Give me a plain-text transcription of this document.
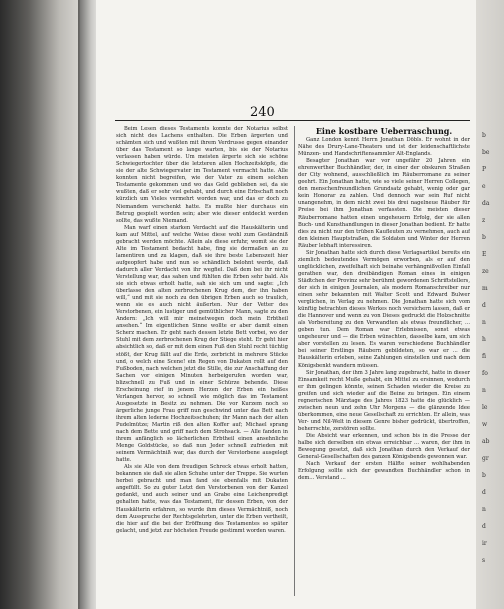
240

Beim Lesen dieses Testaments konnte der Notarius selbst sich nicht des Lachens enthalten. Die Erben ärgerten und schämten sich und wußten mit ihrem Verdrusse gegen einander über das Testament so lange warten, bis sie der Notarius verlassen haben würde. Um meisten ärgerte sich sie schöne Schwiegertochter über die letzteren allen Hochzeitsköpfe, die sie der alte Schwiegervater im Testament vermacht hatte. Alle konnten nicht begreifen, wie der Vater zu einem solchen Testamente gekommen und wo das Geld geblieben sei, da sie wußten, daß er sehr viel gehabt, und durch eine Erbschaft noch kürzlich um Vieles vermehrt worden war, und das er doch zu Niemandem verschenkt hatte. Es mußte hier durchaus ein Betrug gespielt worden sein; aber wie dieser entdeckt werden sollte, das wußte Niemand.

Man warf einen starken Verdacht auf die Hauskälterin und kam auf Mittel, auf welche Weise diese wohl zum Geständniß gebracht werden möchte. Allein als diese erfuhr, womit sie der Alte im Testament bedacht habe, fing sie dermaßen an zu lamentiren und zu klagen, daß sie ihre beste Lebenszeit hier aufgeopfert habe und nun so schändlich belohnt werde, daß dadurch aller Verdacht von ihr wegfiel. Daß dem bei ihr nicht Verstellung war, das sahen und fühlten die Erben sehr bald. Als sie sich etwas erholt hatte, sah sie sich um und sagte: „Ich überlasse den alten zerbrochenen Krug dem, der ihn haben will,“ und mit sie noch zu den übrigen Erben auch so traulich, wenn sie es auch nicht äußerten. Nur der Vetter des Verstorbenen, ein lustiger und gemüthlicher Mann, sagte zu den Andern: „Ich will mir meinetwegen doch mein Erbtheil ansehen.“ Im eigentlichen Sinne wollte er aber damit einen Scherz machen. Er geht nach dessen letzte Bett vorbei, wo der Stuhl mit dem zerbrochenen Krug der Stiege steht. Er geht hier absichtlich so, daß er mit dem einen Fuß den Stuhl recht tüchtig stößt, der Krug fällt auf die Erde, zerbricht in mehrere Stücke und, o welch eine Scene! ein Regen von Dukaten rollt auf den Fußboden, nach welchen jetzt die Stille, die zur Anschaffung der Sachen vor einigen Minuten herbeigerufen worden war, blizschnell zu Fuß und in einer Schürze behende. Diese Erscheinung rief in jenem Herzen der Erben ein heißes Verlangen hervor, so schnell wie möglich das im Testament Ausgesetzte in Besitz zu nehmen. Die vor Kurzem noch so ärgerliche junge Frau griff nun geschwind unter das Bett nach ihrem alten lederne Hochzeitsschuhen; ihr Mann nach der alten Pudelmütze; Martin riß den alten Koffer auf; Michael sprang nach dem Bette und griff nach dem Strohsack. — Alle fanden in ihrem anfänglich so lächerlichen Erbtheil einen ansehnliche Menge Goldstücke, so daß nun Jeder schnell zufrieden mit seinem Vermächtniß war, das durch der Verstorbene ausgelegt hatte.

Als sie Alle von dem freudigen Schreck etwas erholt hatten, bekannen sie daß sie allen Schuhe unter der Treppe. Sie wurten herbei gebracht und man fand sie ebenfalls mit Dukaten angefüllt. So zu guter Letzt den Verstorbenen von der Kanzel gedankt, und auch seiner und an Grabe eine Leichenpredigt gehalten hatte, was das Testament, für dessen Erben, von der Hauskälterin erfahren, so wurde ihm dieses Vermächtniß, noch dem Ausspruche der Rechtsgelehrten, unter die Erben vertheilt, die hier auf die bei der Eröffnung des Testamentes so später gelacht, und jetzt zur höchsten Freude gestimmt worden waren.

Eine kostbare Ueberraschung.

Ganz London kennt Herrn Jonathan Döbls. Er wohnt in der Nähe des Drury-Lane-Theaters und ist der leidenschaftlichste Münzen- und Handschriftensammler Alt-Englands.

Besagter Jonathan war vor ungefähr 20 Jahren ein ehrenwerther Buchhändler, der, in einer der obskuren Straßen der City wohnend, ausschließlich im Räuberromane zu seiner geehrt. Ein Jonathan hatte, wie so viele seiner Herren Collegen, den menschenfreundlichen Grundsatz gehabt, wenig oder gar kein Honorar zu zahlen. Und dennoch war sein Ruf nicht unangenehm, in dem nicht zwei bis drei nagelneue Räuber für Preise bei ihm Jonathan verfassten. Die meisten dieser Räuberromane hatten einen ungeheuern Erfolg, der sie allen Buch- und Kunsthandlungen in dieser Jonathan bedient. Er hatte dies zu nicht nur den trüben Kaufleuten zu vernehmen, auch auf den kleinen Hauptstraßen, die Soldaten und Winter der Herren Räuber lebhaft interessiren.

Sir Jonathan hatte sich durch diese Verlagsartikel bereits ein ziemlich bedeutendes Vermögen erworben, als er auf den unglücklichen, zweifelhaft sich beinahe verhängnißvollen Einfall gerathen war, den dreibändigen Roman eines in einigen Städtchen der Provinz sehr berühmt gewordenen Schriftstellers, der sich in einigen Journalen, als modern Romanschreiber nur einen sehr bekannten mit Walter Scott und Edward Bulwer verglichen, in Verlag zu nehmen. Die Jonathan hatte sich vom künftig betrachten dieses Werkes noch versichern lassen, daß er die Hannover und wenn zu von Dieses gedruckt die Holzschnitte als Vorbereitung zu den Verwandten als etwas freundlicher, ... geben tun. Dem Roman war Erlebnissen, sonst etwas ungeheurer und — die Erben wünschten, dasselbe kam, um sich aber vorstellen zu lesen. Es waren verschiedene Buchhändler bei seiner Erstlings Räubern gebildeten, so war er ... die Hauskälterin erleben, seine Zahlungen einstellen und nach dem Königsbenkt wandern müssen.

Sir Jonathan, der ihm 3 Jahre lang zugebracht, hatte in dieser Einsamkeit recht Muße gehabt, ein Mittel zu ersinnen, wodurch er ihm gelingen könnte, seinen Schaden wieder die Kreise zu greifen und sich wieder auf die Beine zu bringen. Ein einem regnerischen Märztage des Jahres 1823 hatte die glücklich — zwischen neun und zehn Uhr Morgens — die glänzende Idee überkommen, eine neue Gesellschaft zu errichten. Er allein, was Ver- und Nil-Welt in diesem Genre bisher gedrückt, übertroffen, beherrschte, zerstören sollte.

Die Absicht war erkennen, und schon bis in die Presse der halbe sich derselben ein etwas erreichbar ... waren, der ihm in Bewegung gesetzt, daß sich Jonathan durch den Verkauf der General-Gesellschaften des ganzen Königsbends gewonnen war.

Nach Verkauf der ersten Hälfte seiner wohlhabenden Erfolgung sollte sich der gewandten Buchhändler schon in dem... Verstand ...

b
be
P
e
da
z
b
E
ze
m
d
n
h
fi
fo
n
le
w
ab
gr
b
d
n
d
ir
s
